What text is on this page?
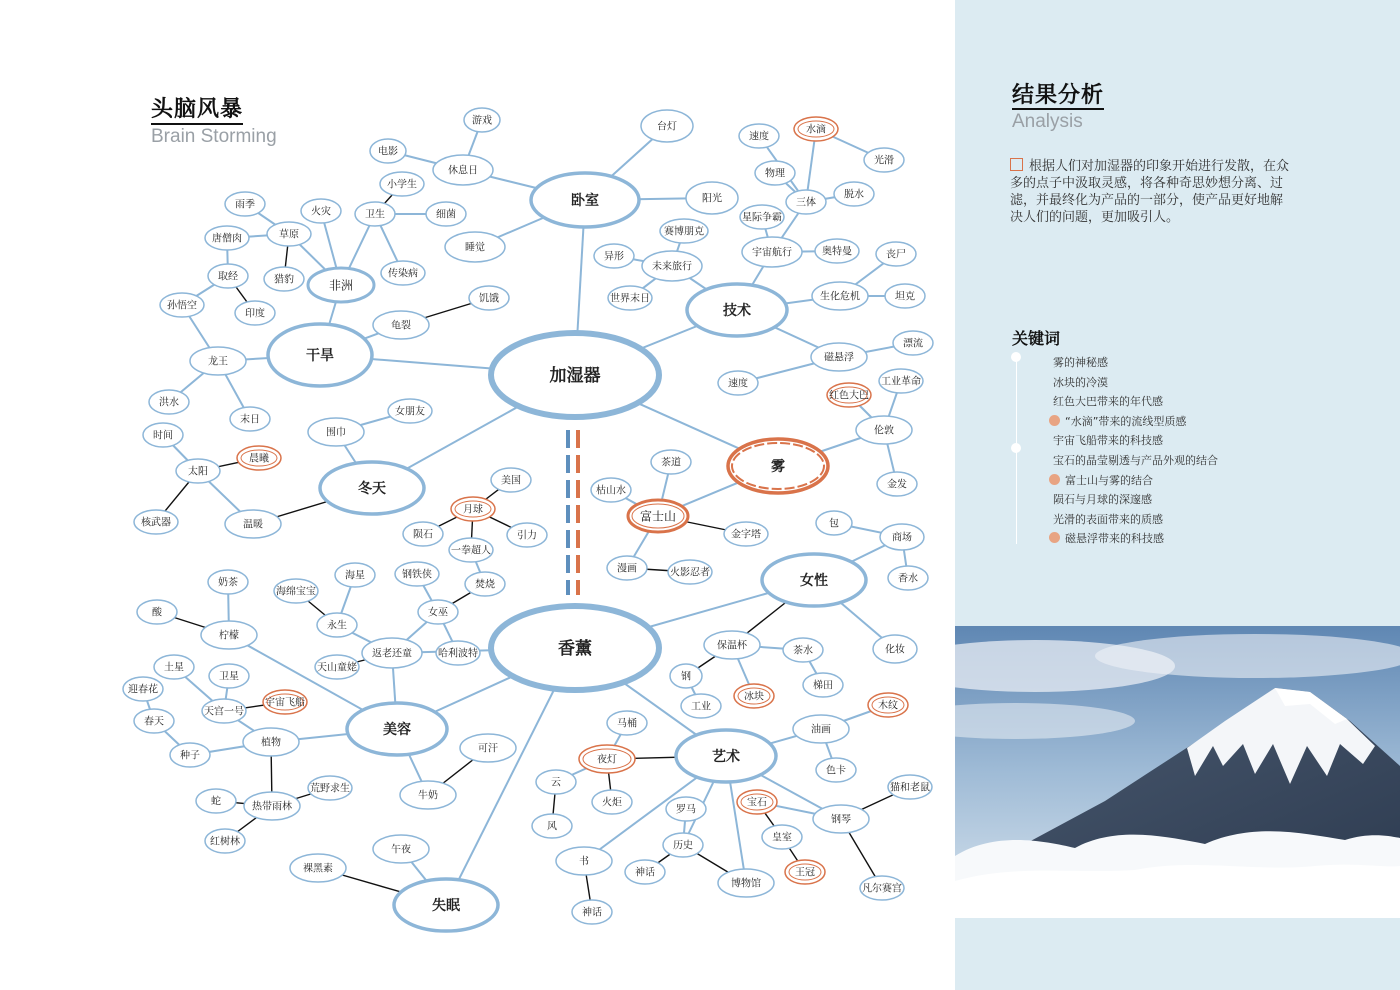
头脑风暴
Brain Storming
加湿器
香薰
卧室
技术
干旱
冬天
雾
女性
美容
艺术
失眠
非洲
富士山
休息日
睡觉
台灯
阳光
游戏
电影
速度
水滴
光滑
物理
三体
脱水
星际争霸
宇宙航行	奥特曼
赛博朋克
未来旅行
异形
世界末日
丧尸
生化危机	坦克
磁悬浮
漂流
速度	工业革命
红色大巴
伦敦
金发
茶道
枯山水
金字塔
漫画	火影忍者
包
商场
香水
化妆
保温杯	茶水
梯田
冰块
钢
工业
油画
木纹
色卡
猫和老鼠
钢琴
宝石
皇室
王冠
凡尔赛宫
罗马
历史
神话
博物馆
书
神话
马桶
夜灯
云
火炬
风
午夜
裸黑素
牛奶
可汗
植物
热带雨林
荒野求生
蛇
红树林
种子
春天
迎春花
土星
卫星
天宫一号
宇宙飞船
柠檬
奶茶
酸
返老还童
永生
海星
海绵宝宝
天山童姥
女巫
钢铁侠
焚烧
哈利波特
一拳超人
月球
美国
陨石	引力
围巾
女朋友
太阳
晨曦
时间
核武器	温暖
洪水
末日
龙王
孙悟空
取经
印度
唐僧肉
雨季
草原
猎豹
火灾	卫生
小学生
细菌
传染病
龟裂
饥饿
结果分析
Analysis
根据人们对加湿器的印象开始进行发散，在众多的点子中汲取灵感，将各种奇思妙想分离、过滤，并最终化为产品的一部分，使产品更好地解决人们的问题，更加吸引人。
关键词
雾的神秘感
冰块的冷漠
红色大巴带来的年代感
“水滴”带来的流线型质感
宇宙飞船带来的科技感
宝石的晶莹剔透与产品外观的结合
富士山与雾的结合
陨石与月球的深邃感
光滑的表面带来的质感
磁悬浮带来的科技感
